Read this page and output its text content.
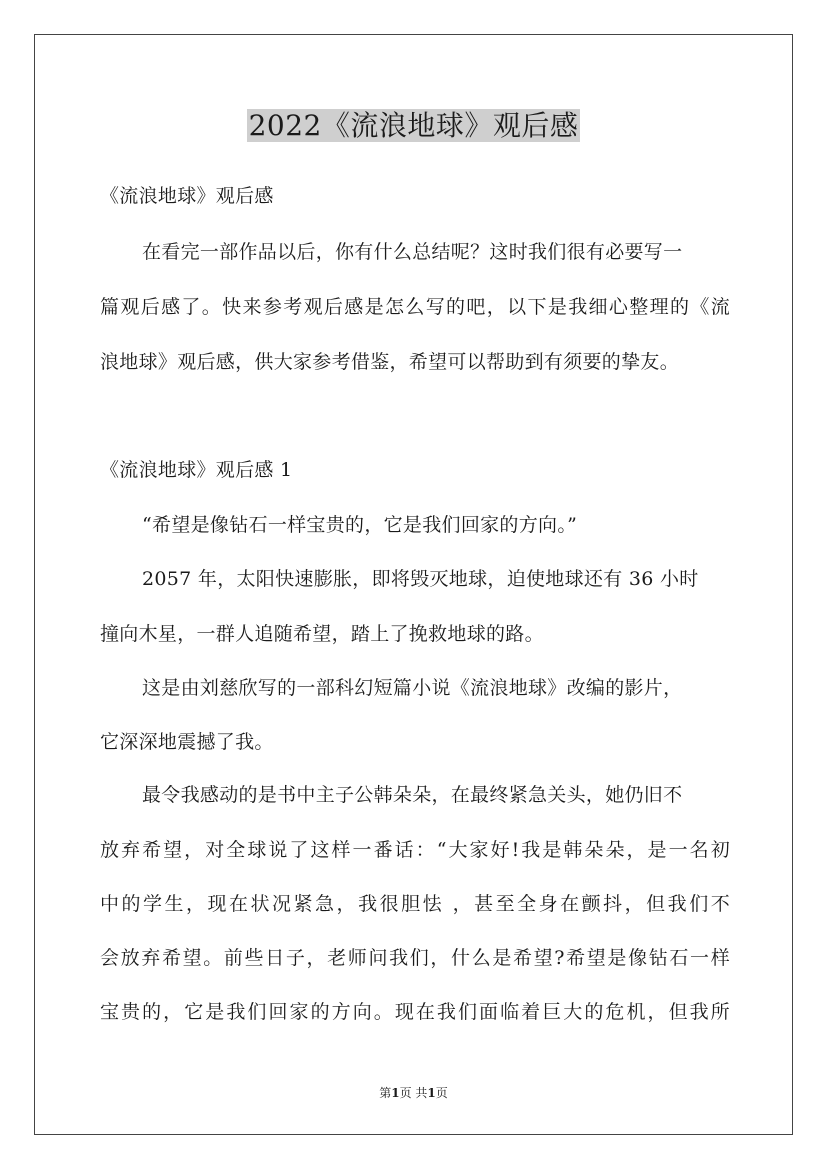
2022《流浪地球》观后感
《流浪地球》观后感
在看完一部作品以后，你有什么总结呢？这时我们很有必要写一
篇观后感了。快来参考观后感是怎么写的吧，以下是我细心整理的《流
浪地球》观后感，供大家参考借鉴，希望可以帮助到有须要的挚友。
《流浪地球》观后感 1
“希望是像钻石一样宝贵的，它是我们回家的方向。”
2057 年，太阳快速膨胀，即将毁灭地球，迫使地球还有 36 小时
撞向木星，一群人追随希望，踏上了挽救地球的路。
这是由刘慈欣写的一部科幻短篇小说《流浪地球》改编的影片，
它深深地震撼了我。
最令我感动的是书中主子公韩朵朵，在最终紧急关头，她仍旧不
放弃希望，对全球说了这样一番话：“大家好!我是韩朵朵，是一名初
中的学生，现在状况紧急，我很胆怯 ，甚至全身在颤抖，但我们不
会放弃希望。前些日子，老师问我们，什么是希望?希望是像钻石一样
宝贵的，它是我们回家的方向。现在我们面临着巨大的危机，但我所
第1页 共1页
